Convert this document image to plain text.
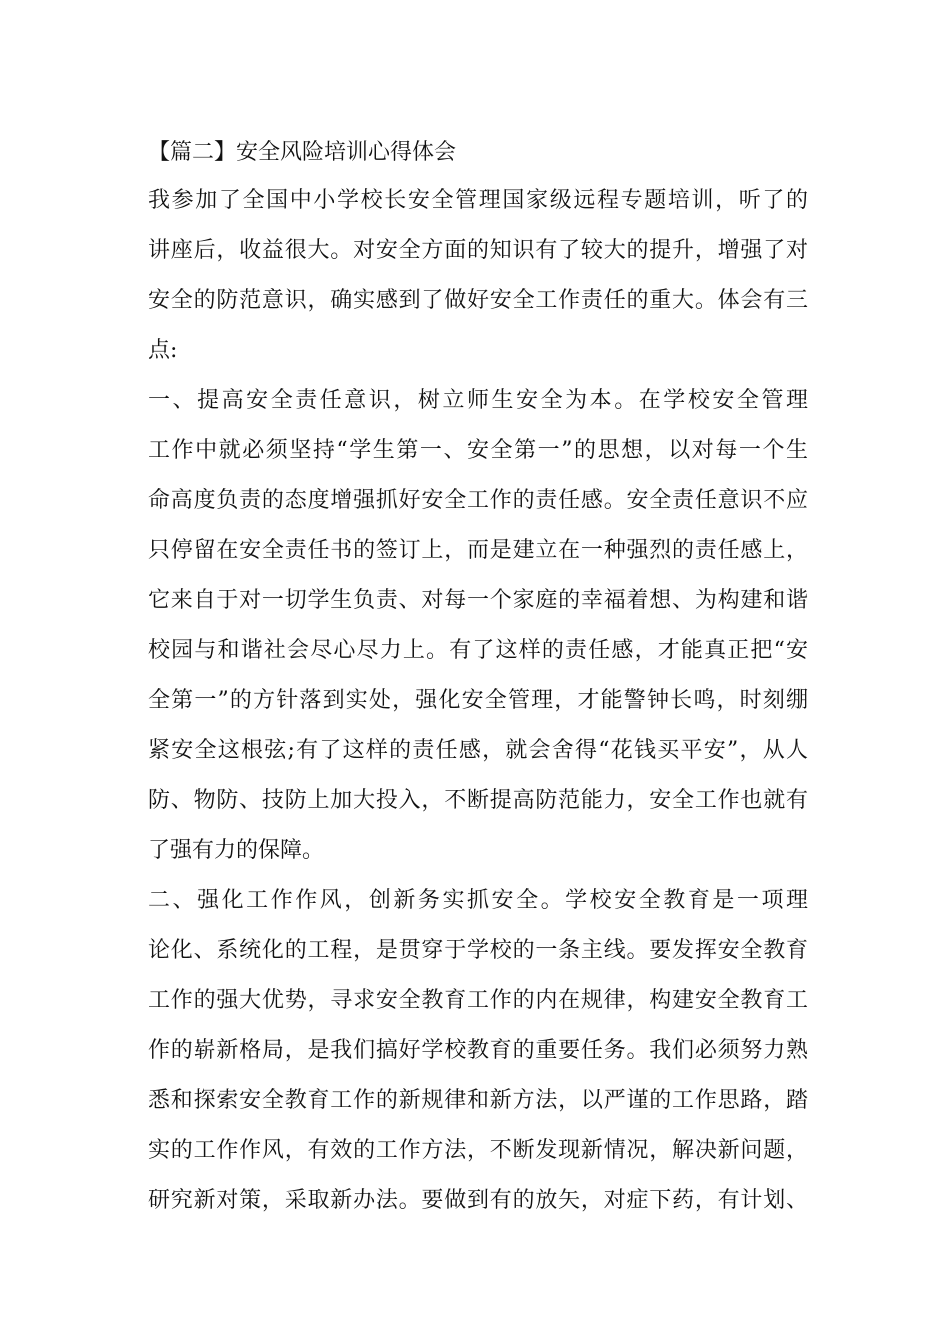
【篇二】安全风险培训心得体会
我参加了全国中小学校长安全管理国家级远程专题培训，听了的
讲座后，收益很大。对安全方面的知识有了较大的提升，增强了对
安全的防范意识，确实感到了做好安全工作责任的重大。体会有三
点:
一、提高安全责任意识，树立师生安全为本。在学校安全管理
工作中就必须坚持“学生第一、安全第一”的思想，以对每一个生
命高度负责的态度增强抓好安全工作的责任感。安全责任意识不应
只停留在安全责任书的签订上，而是建立在一种强烈的责任感上，
它来自于对一切学生负责、对每一个家庭的幸福着想、为构建和谐
校园与和谐社会尽心尽力上。有了这样的责任感，才能真正把“安
全第一”的方针落到实处，强化安全管理，才能警钟长鸣，时刻绷
紧安全这根弦;有了这样的责任感，就会舍得“花钱买平安”，从人
防、物防、技防上加大投入，不断提高防范能力，安全工作也就有
了强有力的保障。
二、强化工作作风，创新务实抓安全。学校安全教育是一项理
论化、系统化的工程，是贯穿于学校的一条主线。要发挥安全教育
工作的强大优势，寻求安全教育工作的内在规律，构建安全教育工
作的崭新格局，是我们搞好学校教育的重要任务。我们必须努力熟
悉和探索安全教育工作的新规律和新方法，以严谨的工作思路，踏
实的工作作风，有效的工作方法，不断发现新情况，解决新问题，
研究新对策，采取新办法。要做到有的放矢，对症下药，有计划、
